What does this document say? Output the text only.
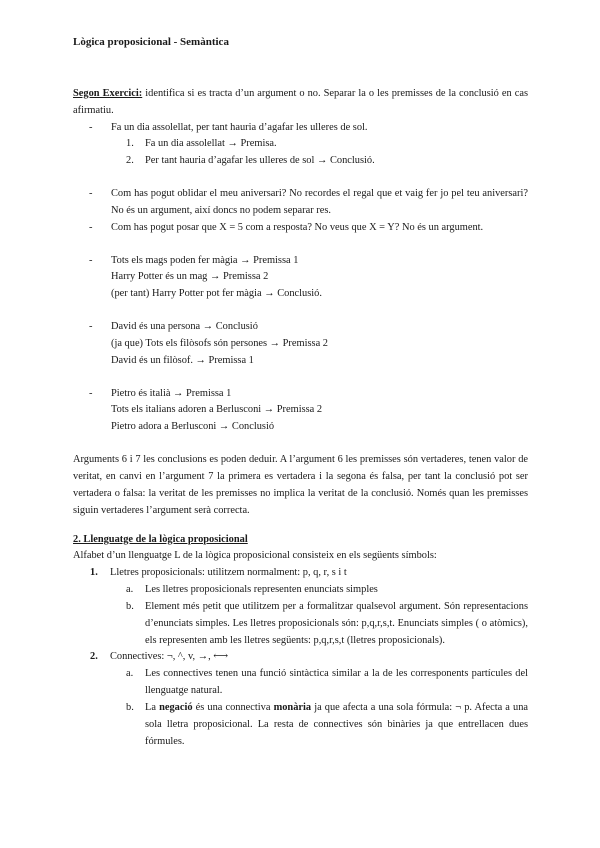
Lògica proposicional - Semàntica

Segon Exercici: identifica si es tracta d’un argument o no. Separar la o les premisses de la conclusió en cas afirmatiu.

- Fa un dia assolellat, per tant hauria d’agafar les ulleres de sol.

1. Fa un dia assolellat → Premisa.

2. Per tant hauria d’agafar les ulleres de sol → Conclusió.

- Com has pogut oblidar el meu aniversari? No recordes el regal que et vaig fer jo pel teu aniversari? No és un argument, així doncs no podem separar res.

- Com has pogut posar que X = 5 com a resposta? No veus que X = Y? No és un argument.

- Tots els mags poden fer màgia → Premissa 1

Harry Potter és un mag → Premissa 2

(per tant) Harry Potter pot fer màgia → Conclusió.

- David és una persona → Conclusió

(ja que) Tots els filòsofs són persones → Premissa 2

David és un filòsof. → Premissa 1

- Pietro és italià → Premissa 1

Tots els italians adoren a Berlusconi → Premissa 2

Pietro adora a Berlusconi → Conclusió

Arguments 6 i 7 les conclusions es poden deduir. A l’argument 6 les premisses són vertaderes, tenen valor de veritat, en canvi en l’argument 7 la primera es vertadera i la segona és falsa, per tant la conclusió pot ser vertadera o falsa: la veritat de les premisses no implica la veritat de la conclusió. Només quan les premisses siguin vertaderes l’argument serà correcta.

2. Llenguatge de la lògica proposicional

Alfabet d’un llenguatge L de la lògica proposicional consisteix en els següents símbols:

1. Lletres proposicionals: utilitzem normalment: p, q, r, s i t

a. Les lletres proposicionals representen enunciats simples

b. Element més petit que utilitzem per a formalitzar qualsevol argument. Són representacions d’enunciats simples. Les lletres proposicionals són: p,q,r,s,t. Enunciats simples ( o atòmics), els representen amb les lletres següents: p,q,r,s,t (lletres proposicionals).

2. Connectives: ¬, ^, v, →, ⟷

a. Les connectives tenen una funció sintàctica similar a la de les corresponents partícules del llenguatge natural.

b. La negació és una connectiva monària ja que afecta a una sola fórmula: ¬ p. Afecta a una sola lletra proposicional. La resta de connectives són binàries ja que entrellacen dues fórmules.
